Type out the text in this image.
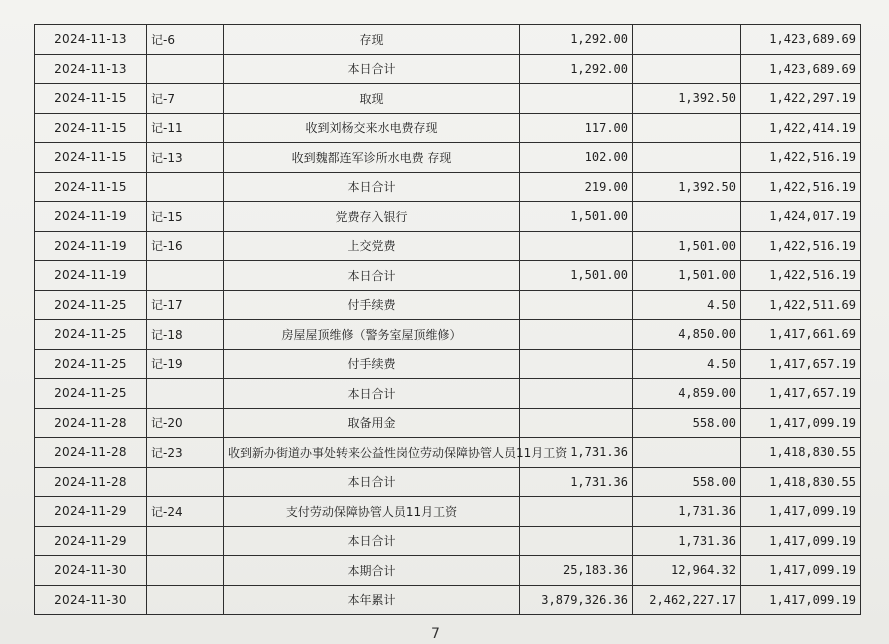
2024-11-13	记-6	存现	1,292.00		1,423,689.69
2024-11-13		本日合计	1,292.00		1,423,689.69
2024-11-15	记-7	取现		1,392.50	1,422,297.19
2024-11-15	记-11	收到刘杨交来水电费存现	117.00		1,422,414.19
2024-11-15	记-13	收到魏都连军诊所水电费 存现	102.00		1,422,516.19
2024-11-15		本日合计	219.00	1,392.50	1,422,516.19
2024-11-19	记-15	党费存入银行	1,501.00		1,424,017.19
2024-11-19	记-16	上交党费		1,501.00	1,422,516.19
2024-11-19		本日合计	1,501.00	1,501.00	1,422,516.19
2024-11-25	记-17	付手续费		4.50	1,422,511.69
2024-11-25	记-18	房屋屋顶维修（警务室屋顶维修）		4,850.00	1,417,661.69
2024-11-25	记-19	付手续费		4.50	1,417,657.19
2024-11-25		本日合计		4,859.00	1,417,657.19
2024-11-28	记-20	取备用金		558.00	1,417,099.19
2024-11-28	记-23	收到新办街道办事处转来公益性岗位劳动保障协管人员11月工资	1,731.36		1,418,830.55
2024-11-28		本日合计	1,731.36	558.00	1,418,830.55
2024-11-29	记-24	支付劳动保障协管人员11月工资		1,731.36	1,417,099.19
2024-11-29		本日合计		1,731.36	1,417,099.19
2024-11-30		本期合计	25,183.36	12,964.32	1,417,099.19
2024-11-30		本年累计	3,879,326.36	2,462,227.17	1,417,099.19
7
